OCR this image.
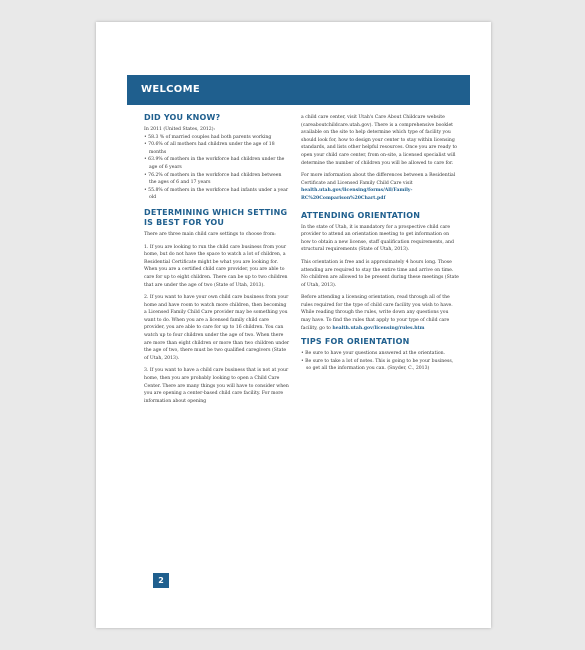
WELCOME
DID YOU KNOW?

In 2011 (United States, 2012):

• 58.3 % of married couples had both parents working
• 70.6% of all mothers had children under the age of 18 months
• 63.9% of mothers in the workforce had children under the age of 6 years
• 76.2% of mothers in the workforce had children between the ages of 6 and 17 years
• 55.8% of mothers in the workforce had infants under a year old
DETERMINING WHICH SETTING IS BEST FOR YOU

There are three main child care settings to choose from:

1. If you are looking to run the child care business from your home, but do not have the space to watch a lot of children, a Residential Certificate might be what you are looking for. When you are a certified child care provider, you are able to care for up to eight children. There can be up to two children that are under the age of two (State of Utah, 2013).

2. If you want to have your own child care business from your home and have room to watch more children, then becoming a Licensed Family Child Care provider may be something you want to do. When you are a licensed family child care provider, you are able to care for up to 16 children. You can watch up to four children under the age of two. When there are more than eight children or more than two children under the age of two, there must be two qualified caregivers (State of Utah, 2013).

3. If you want to have a child care business that is not at your home, then you are probably looking to open a Child Care Center. There are many things you will have to consider when you are opening a center-based child care facility. For more information about opening

a child care center, visit Utah's Care About Childcare website (careaboutchildcare.utah.gov). There is a comprehensive booklet available on the site to help determine which type of facility you should look for, how to design your center to stay within licensing standards, and lists other helpful resources. Once you are ready to open your child care center, from on-site, a licensed specialist will determine the number of children you will be allowed to care for.

For more information about the differences between a Residential Certificate and Licensed Family Child Care visit health.utah.gov/licensing/forms/All/Family-RC%20Comparison%20Chart.pdf

ATTENDING ORIENTATION

In the state of Utah, it is mandatory for a prospective child care provider to attend an orientation meeting to get information on how to obtain a new license, staff qualification requirements, and structural requirements (State of Utah, 2013).

This orientation is free and is approximately 4 hours long. Those attending are required to stay the entire time and arrive on time. No children are allowed to be present during these meetings (State of Utah, 2013).

Before attending a licensing orientation, read through all of the rules required for the type of child care facility you wish to have. While reading through the rules, write down any questions you may have. To find the rules that apply to your type of child care facility, go to health.utah.gov/licensing/rules.htm

TIPS FOR ORIENTATION
• Be sure to have your questions answered at the orientation.
• Be sure to take a lot of notes. This is going to be your business, so get all the information you can. (Snyder, C., 2013)
2
